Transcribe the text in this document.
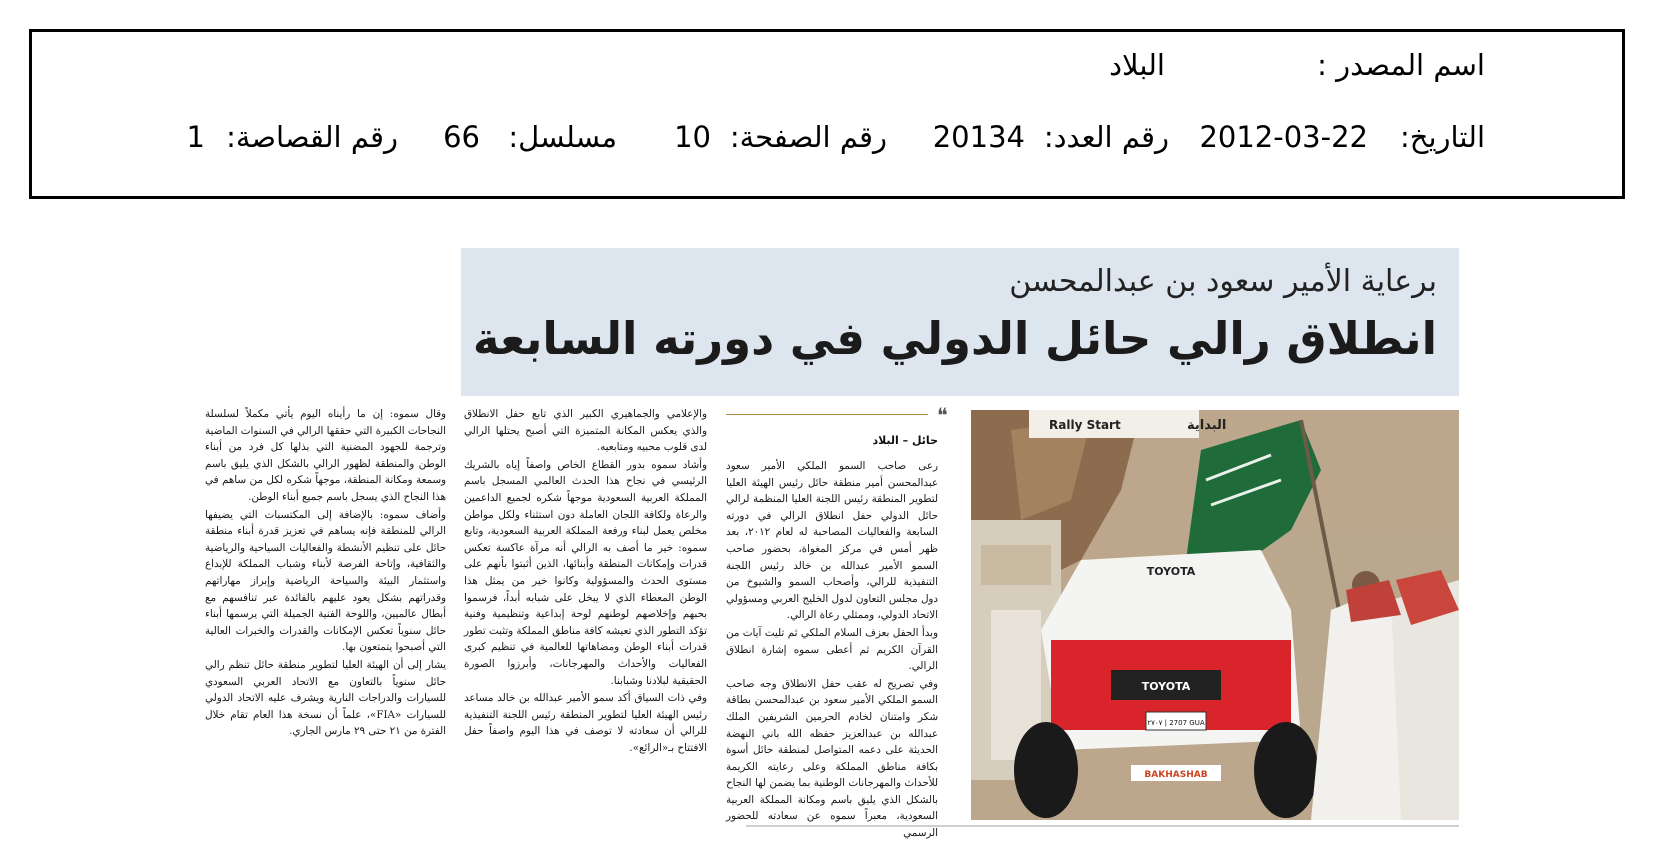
اسم المصدر :
البلاد
التاريخ:
2012-03-22
رقم العدد:
20134
رقم الصفحة:
10
مسلسل:
66
رقم القصاصة:
1
برعاية الأمير سعود بن عبدالمحسن
انطلاق رالي حائل الدولي في دورته السابعة

وقال سموه: إن ما رأيناه اليوم يأتي مكملاً لسلسلة النجاحات الكبيرة التي حققها الرالي في السنوات الماضية وترجمة للجهود المضنية التي بذلها كل فرد من أبناء الوطن والمنطقة لظهور الرالي بالشكل الذي يليق باسم وسمعة ومكانة المنطقة، موجهاً شكره لكل من ساهم في هذا النجاح الذي يسجل باسم جميع أبناء الوطن.

وأضاف سموه: بالإضافة إلى المكتسبات التي يضيفها الرالي للمنطقة فإنه يساهم في تعزيز قدرة أبناء منطقة حائل على تنظيم الأنشطة والفعاليات السياحية والرياضية والثقافية، وإتاحة الفرصة لأبناء وشباب المملكة للإبداع واستثمار البيئة والسياحة الرياضية وإبراز مهاراتهم وقدراتهم بشكل يعود عليهم بالفائدة عبر تنافسهم مع أبطال عالميين، واللوحة الفنية الجميلة التي يرسمها أبناء حائل سنوياً تعكس الإمكانات والقدرات والخبرات العالية التي أصبحوا يتمتعون بها.

يشار إلى أن الهيئة العليا لتطوير منطقة حائل تنظم رالي حائل سنوياً بالتعاون مع الاتحاد العربي السعودي للسيارات والدراجات النارية ويشرف عليه الاتحاد الدولي للسيارات «FIA»، علماً أن نسخة هذا العام تقام خلال الفترة من ٢١ حتى ٢٩ مارس الجاري.

والإعلامي والجماهيري الكبير الذي تابع حفل الانطلاق والذي يعكس المكانة المتميزة التي أصبح يحتلها الرالي لدى قلوب محبيه ومتابعيه.

وأشاد سموه بدور القطاع الخاص واصفاً إياه بالشريك الرئيسي في نجاح هذا الحدث العالمي المسجل باسم المملكة العربية السعودية موجهاً شكره لجميع الداعمين والرعاة ولكافة اللجان العاملة دون استثناء ولكل مواطن مخلص يعمل لبناء ورفعة المملكة العربية السعودية، وتابع سموه: خير ما أصف به الرالي أنه مرآة عاكسة تعكس قدرات وإمكانات المنطقة وأبنائها، الذين أثبتوا بأنهم على مستوى الحدث والمسؤولية وكانوا خير من يمثل هذا الوطن المعطاء الذي لا يبخل على شبابه أبداً، فرسموا بحبهم وإخلاصهم لوطنهم لوحة إبداعية وتنظيمية وفنية تؤكد التطور الذي تعيشه كافة مناطق المملكة وتثبت تطور قدرات أبناء الوطن ومضاهاتها للعالمية في تنظيم كبرى الفعاليات والأحداث والمهرجانات، وأبرزوا الصورة الحقيقية لبلادنا وشبابنا.

وفي ذات السياق أكد سمو الأمير عبدالله بن خالد مساعد رئيس الهيئة العليا لتطوير المنطقة رئيس اللجنة التنفيذية للرالي أن سعادته لا توصف في هذا اليوم واصفاً حفل الافتتاح بـ«الرائع».

❝
حائل – البلاد

رعى صاحب السمو الملكي الأمير سعود عبدالمحسن أمير منطقة حائل رئيس الهيئة العليا لتطوير المنطقة رئيس اللجنة العليا المنظمة لرالي حائل الدولي حفل انطلاق الرالي في دورته السابعة والفعاليات المصاحبة له لعام ٢٠١٢، بعد ظهر أمس في مركز المغواة، بحضور صاحب السمو الأمير عبدالله بن خالد رئيس اللجنة التنفيذية للرالي، وأصحاب السمو والشيوخ من دول مجلس التعاون لدول الخليج العربي ومسؤولي الاتحاد الدولي، وممثلي رعاة الرالي.

وبدأ الحفل بعزف السلام الملكي ثم تليت آيات من القرآن الكريم ثم أعطى سموه إشارة انطلاق الرالي.

وفي تصريح له عقب حفل الانطلاق وجه صاحب السمو الملكي الأمير سعود بن عبدالمحسن بطاقة شكر وامتنان لخادم الحرمين الشريفين الملك عبدالله بن عبدالعزيز حفظه الله باني النهضة الحديثة على دعمه المتواصل لمنطقة حائل أسوة بكافة مناطق المملكة وعلى رعايته الكريمة للأحداث والمهرجانات الوطنية بما يضمن لها النجاح بالشكل الذي يليق باسم ومكانة المملكة العربية السعودية، معبراً سموه عن سعادته للحضور الرسمي

Rally Start	البداية
TOYOTA
TOYOTA
٢٧٠٧ | 2707 GUA
BAKHASHAB
